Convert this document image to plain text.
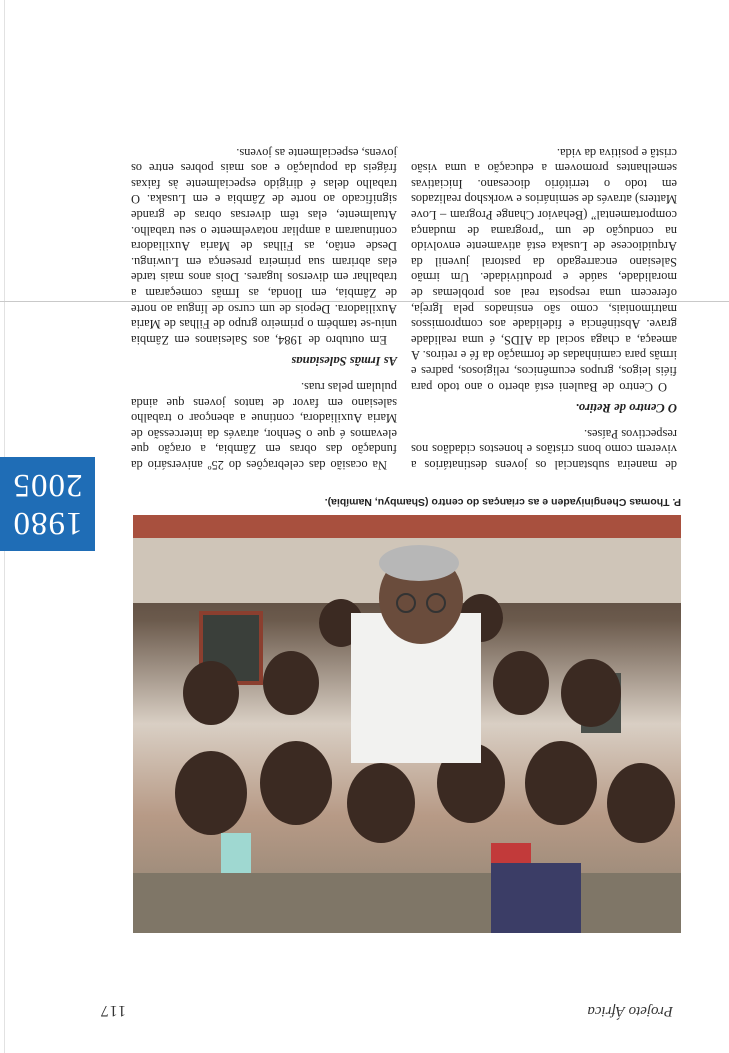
Projeto África
117
P. Thomas Chenginiyaden e as crianças do centro (Shambyu, Namíbia).
1980
2005

de maneira substancial os jovens destinatários a viverem como bons cristãos e honestos cidadãos nos respectivos Países.

O Centro de Retiro.

O Centro de Bauleni está aberto o ano todo para fiéis leigos, grupos ecumênicos, religiosos, padres e irmãs para caminhadas de formação da fé e retiros. A ameaça, a chaga social da AIDS, é uma realidade grave. Abstinência e fidelidade aos compromissos matrimoniais, como são ensinados pela Igreja, oferecem uma resposta real aos problemas de moralidade, saúde e produtividade. Um irmão Salesiano encarregado da pastoral juvenil da Arquidiocese de Lusaka está ativamente envolvido na condução de um “programa de mudança comportamental” (Behavior Change Program – Love Matters) através de seminários e workshop realizados em todo o território diocesano. Iniciativas semelhantes promovem a educação a uma visão cristã e positiva da vida.

Na ocasião das celebrações do 25º aniversário da fundação das obras em Zâmbia, a oração que elevamos é que o Senhor, através da intercessão de Maria Auxiliadora, continue a abençoar o trabalho salesiano em favor de tantos jovens que ainda pululam pelas ruas.

As Irmãs Salesianas

Em outubro de 1984, aos Salesianos em Zâmbia uniu-se também o primeiro grupo de Filhas de Maria Auxiliadora. Depois de um curso de língua ao norte de Zâmbia, em Ilonda, as Irmãs começaram a trabalhar em diversos lugares. Dois anos mais tarde elas abriram sua primeira presença em Luwingu. Desde então, as Filhas de Maria Auxiliadora continuaram a ampliar notavelmente o seu trabalho. Atualmente, elas têm diversas obras de grande significado ao norte de Zâmbia e em Lusaka. O trabalho delas é dirigido especialmente às faixas frágeis da população e aos mais pobres entre os jovens, especialmente as jovens.
